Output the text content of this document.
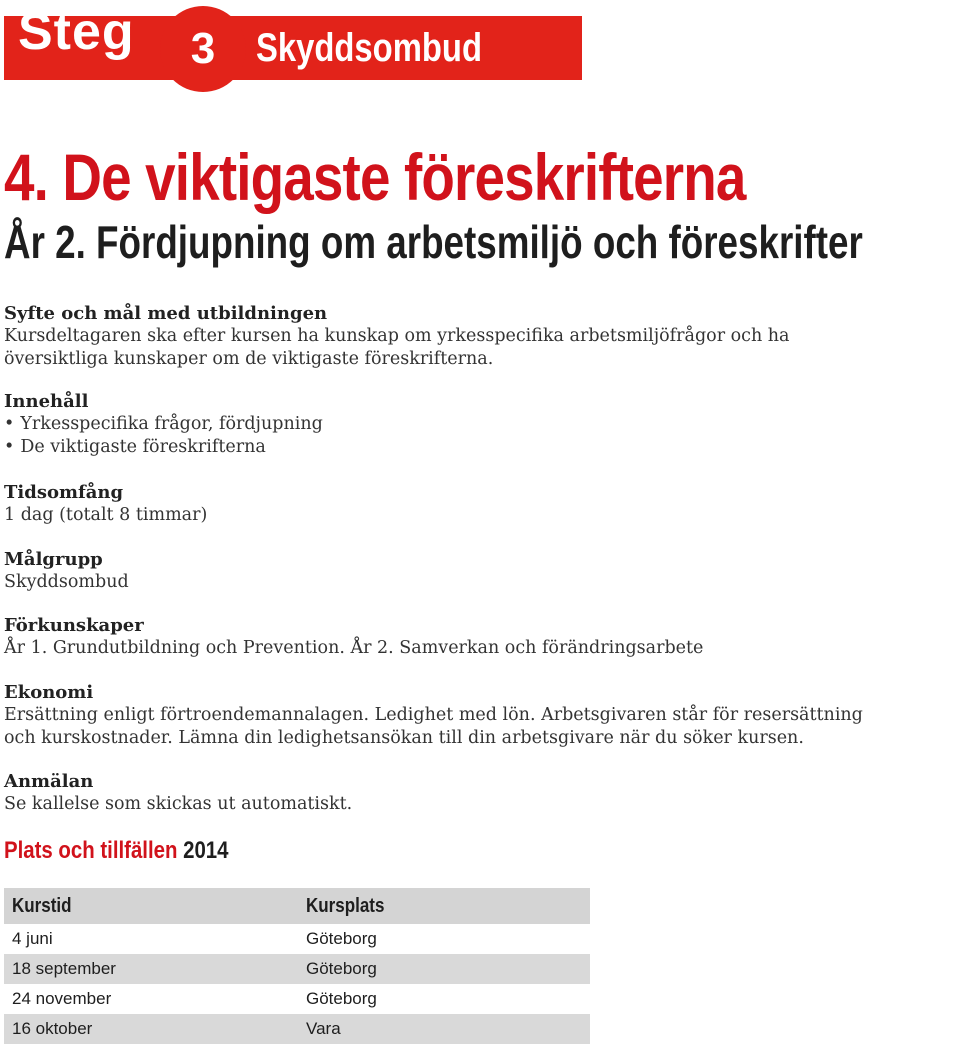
Steg	3	Skyddsombud
4. De viktigaste föreskrifterna
År 2. Fördjupning om arbetsmiljö och föreskrifter
Syfte och mål med utbildningen

Kursdeltagaren ska efter kursen ha kunskap om yrkesspecifika arbetsmiljöfrågor och ha översiktliga kunskaper om de viktigaste föreskrifterna.

Innehåll
• Yrkesspecifika frågor, fördjupning
• De viktigaste föreskrifterna
Tidsomfång

1 dag (totalt 8 timmar)

Målgrupp

Skyddsombud

Förkunskaper

År 1. Grundutbildning och Prevention. År 2. Samverkan och förändringsarbete

Ekonomi

Ersättning enligt förtroendemannalagen. Ledighet med lön. Arbetsgivaren står för resersättning och kurskostnader. Lämna din ledighetsansökan till din arbetsgivare när du söker kursen.

Anmälan

Se kallelse som skickas ut automatiskt.

Plats och tillfällen 2014
Kurstid	Kursplats
4 juni	Göteborg
18 september	Göteborg
24 november	Göteborg
16 oktober	Vara
